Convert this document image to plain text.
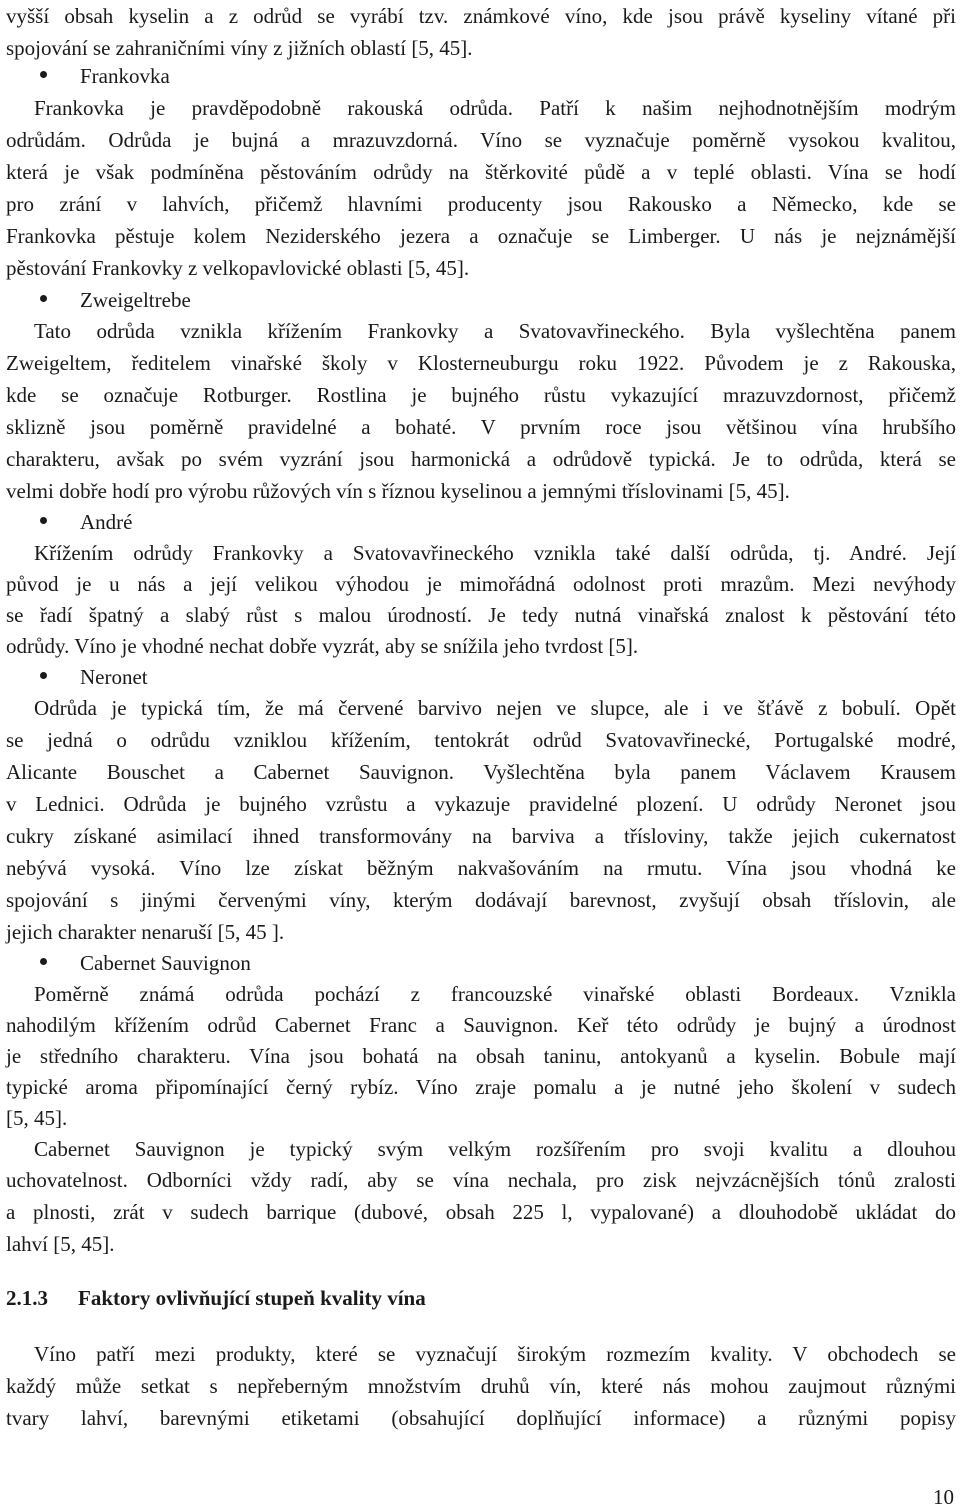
vyšší obsah kyselin a z odrůd se vyrábí tzv. známkové víno, kde jsou právě kyseliny vítané při

spojování se zahraničními víny z jižních oblastí [5, 45].

Frankovka

Frankovka je pravděpodobně rakouská odrůda. Patří k našim nejhodnotnějším modrým

odrůdám. Odrůda je bujná a mrazuvzdorná. Víno se vyznačuje poměrně vysokou kvalitou,

která je však podmíněna pěstováním odrůdy na štěrkovité půdě a v teplé oblasti. Vína se hodí

pro zrání v lahvích, přičemž hlavními producenty jsou Rakousko a Německo, kde se

Frankovka pěstuje kolem Neziderského jezera a označuje se Limberger. U nás je nejznámější

pěstování Frankovky z velkopavlovické oblasti [5, 45].

Zweigeltrebe

Tato odrůda vznikla křížením Frankovky a Svatovavřineckého. Byla vyšlechtěna panem

Zweigeltem, ředitelem vinařské školy v Klosterneuburgu roku 1922. Původem je z Rakouska,

kde se označuje Rotburger. Rostlina je bujného růstu vykazující mrazuvzdornost, přičemž

sklizně jsou poměrně pravidelné a bohaté. V prvním roce jsou většinou vína hrubšího

charakteru, avšak po svém vyzrání jsou harmonická a odrůdově typická. Je to odrůda, která se

velmi dobře hodí pro výrobu růžových vín s říznou kyselinou a jemnými tříslovinami [5, 45].

André

Křížením odrůdy Frankovky a Svatovavřineckého vznikla také další odrůda, tj. André. Její

původ je u nás a její velikou výhodou je mimořádná odolnost proti mrazům. Mezi nevýhody

se řadí špatný a slabý růst s malou úrodností. Je tedy nutná vinařská znalost k pěstování této

odrůdy. Víno je vhodné nechat dobře vyzrát, aby se snížila jeho tvrdost [5].

Neronet

Odrůda je typická tím, že má červené barvivo nejen ve slupce, ale i ve šťávě z bobulí. Opět

se jedná o odrůdu vzniklou křížením, tentokrát odrůd Svatovavřinecké, Portugalské modré,

Alicante Bouschet a Cabernet Sauvignon. Vyšlechtěna byla panem Václavem Krausem

v Lednici. Odrůda je bujného vzrůstu a vykazuje pravidelné plození. U odrůdy Neronet jsou

cukry získané asimilací ihned transformovány na barviva a třísloviny, takže jejich cukernatost

nebývá vysoká. Víno lze získat běžným nakvašováním na rmutu. Vína jsou vhodná ke

spojování s jinými červenými víny, kterým dodávají barevnost, zvyšují obsah tříslovin, ale

jejich charakter nenaruší [5, 45 ].

Cabernet Sauvignon

Poměrně známá odrůda pochází z francouzské vinařské oblasti Bordeaux. Vznikla

nahodilým křížením odrůd Cabernet Franc a Sauvignon. Keř této odrůdy je bujný a úrodnost

je středního charakteru. Vína jsou bohatá na obsah taninu, antokyanů a kyselin. Bobule mají

typické aroma připomínající černý rybíz. Víno zraje pomalu a je nutné jeho školení v sudech

[5, 45].

Cabernet Sauvignon je typický svým velkým rozšířením pro svoji kvalitu a dlouhou

uchovatelnost. Odborníci vždy radí, aby se vína nechala, pro zisk nejvzácnějších tónů zralosti

a plnosti, zrát v sudech barrique (dubové, obsah 225 l, vypalované) a dlouhodobě ukládat do

lahví [5, 45].

2.1.3 Faktory ovlivňující stupeň kvality vína

Víno patří mezi produkty, které se vyznačují širokým rozmezím kvality. V obchodech se

každý může setkat s nepřeberným množstvím druhů vín, které nás mohou zaujmout různými

tvary lahví, barevnými etiketami (obsahující doplňující informace) a různými popisy

10
